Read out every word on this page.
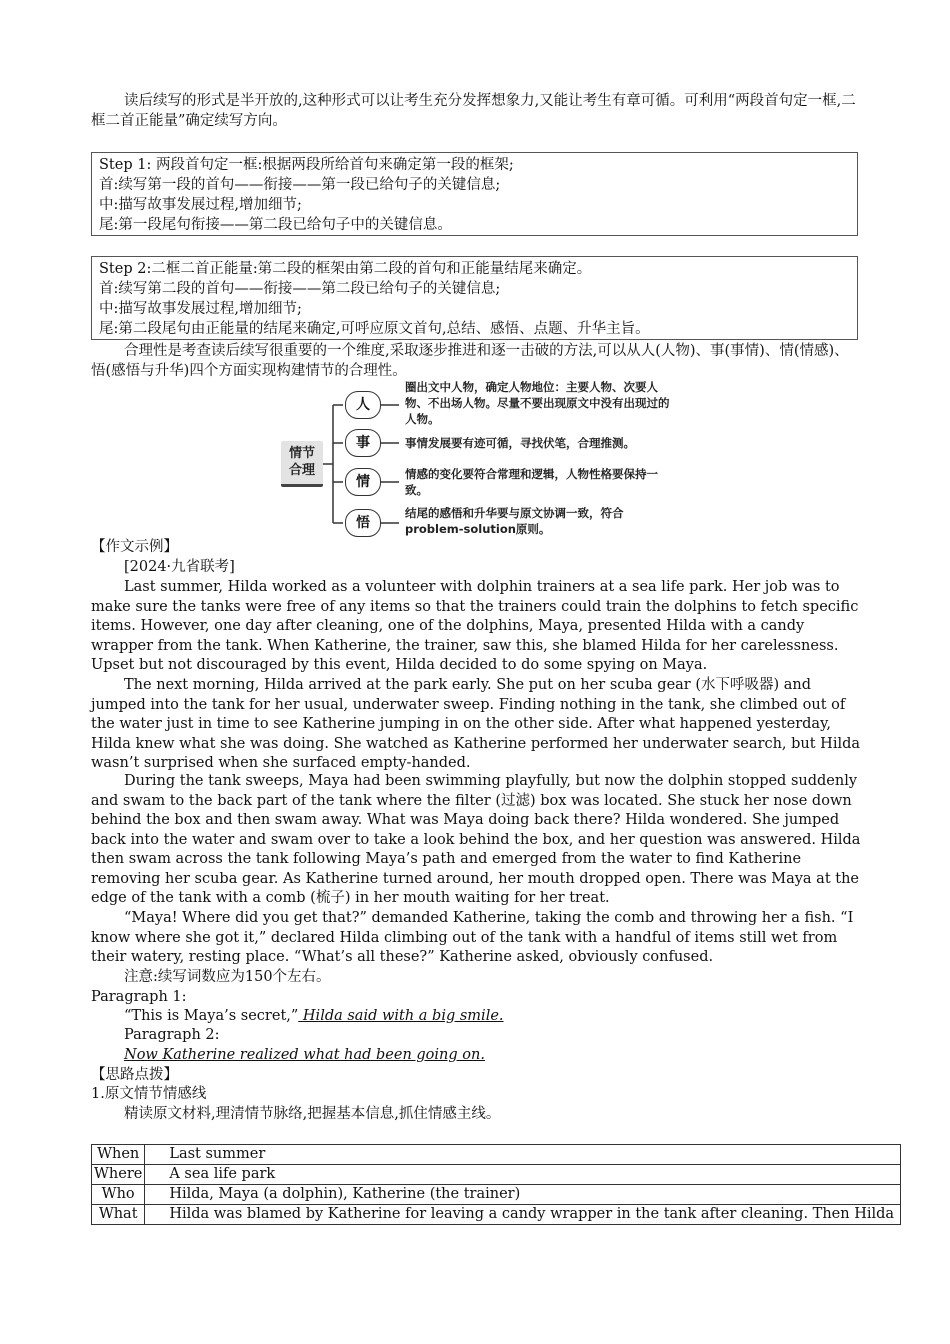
读后续写的形式是半开放的,这种形式可以让考生充分发挥想象力,又能让考生有章可循。可利用“两段首句定一框,二框二首正能量”确定续写方向。

Step 1: 两段首句定一框:根据两段所给首句来确定第一段的框架;
首:续写第一段的首句——衔接——第一段已给句子的关键信息;
中:描写故事发展过程,增加细节;
尾:第一段尾句衔接——第二段已给句子中的关键信息。
Step 2:二框二首正能量:第二段的框架由第二段的首句和正能量结尾来确定。
首:续写第二段的首句——衔接——第二段已给句子的关键信息;
中:描写故事发展过程,增加细节;
尾:第二段尾句由正能量的结尾来确定,可呼应原文首句,总结、感悟、点题、升华主旨。

合理性是考查读后续写很重要的一个维度,采取逐步推进和逐一击破的方法,可以从人(人物)、事(事情)、情(情感)、悟(感悟与升华)四个方面实现构建情节的合理性。

情节
合理
人
事
情
悟
圈出文中人物，确定人物地位：主要人物、次要人物、不出场人物。尽量不要出现原文中没有出现过的人物。
事情发展要有迹可循，寻找伏笔，合理推测。
情感的变化要符合常理和逻辑，人物性格要保持一致。
结尾的感悟和升华要与原文协调一致，符合problem-solution原则。

【作文示例】

[2024·九省联考]

Last summer, Hilda worked as a volunteer with dolphin trainers at a sea life park. Her job was to make sure the tanks were free of any items so that the trainers could train the dolphins to fetch specific items. However, one day after cleaning, one of the dolphins, Maya, presented Hilda with a candy wrapper from the tank. When Katherine, the trainer, saw this, she blamed Hilda for her carelessness. Upset but not discouraged by this event, Hilda decided to do some spying on Maya.

The next morning, Hilda arrived at the park early. She put on her scuba gear (水下呼吸器) and jumped into the tank for her usual, underwater sweep. Finding nothing in the tank, she climbed out of the water just in time to see Katherine jumping in on the other side. After what happened yesterday, Hilda knew what she was doing. She watched as Katherine performed her underwater search, but Hilda wasn’t surprised when she surfaced empty-handed.

During the tank sweeps, Maya had been swimming playfully, but now the dolphin stopped suddenly and swam to the back part of the tank where the filter (过滤) box was located. She stuck her nose down behind the box and then swam away. What was Maya doing back there? Hilda wondered. She jumped back into the water and swam over to take a look behind the box, and her question was answered. Hilda then swam across the tank following Maya’s path and emerged from the water to find Katherine removing her scuba gear. As Katherine turned around, her mouth dropped open. There was Maya at the edge of the tank with a comb (梳子) in her mouth waiting for her treat.

“Maya! Where did you get that?” demanded Katherine, taking the comb and throwing her a fish. “I know where she got it,” declared Hilda climbing out of the tank with a handful of items still wet from their watery, resting place. “What’s all these?” Katherine asked, obviously confused.

注意:续写词数应为150个左右。

Paragraph 1:

“This is Maya’s secret,” Hilda said with a big smile.

Paragraph 2:

Now Katherine realized what had been going on.

【思路点拨】

1.原文情节情感线

精读原文材料,理清情节脉络,把握基本信息,抓住情感主线。

When	Last summer
Where	A sea life park
Who	Hilda, Maya (a dolphin), Katherine (the trainer)
What	Hilda was blamed by Katherine for leaving a candy wrapper in the tank after cleaning. Then Hilda
